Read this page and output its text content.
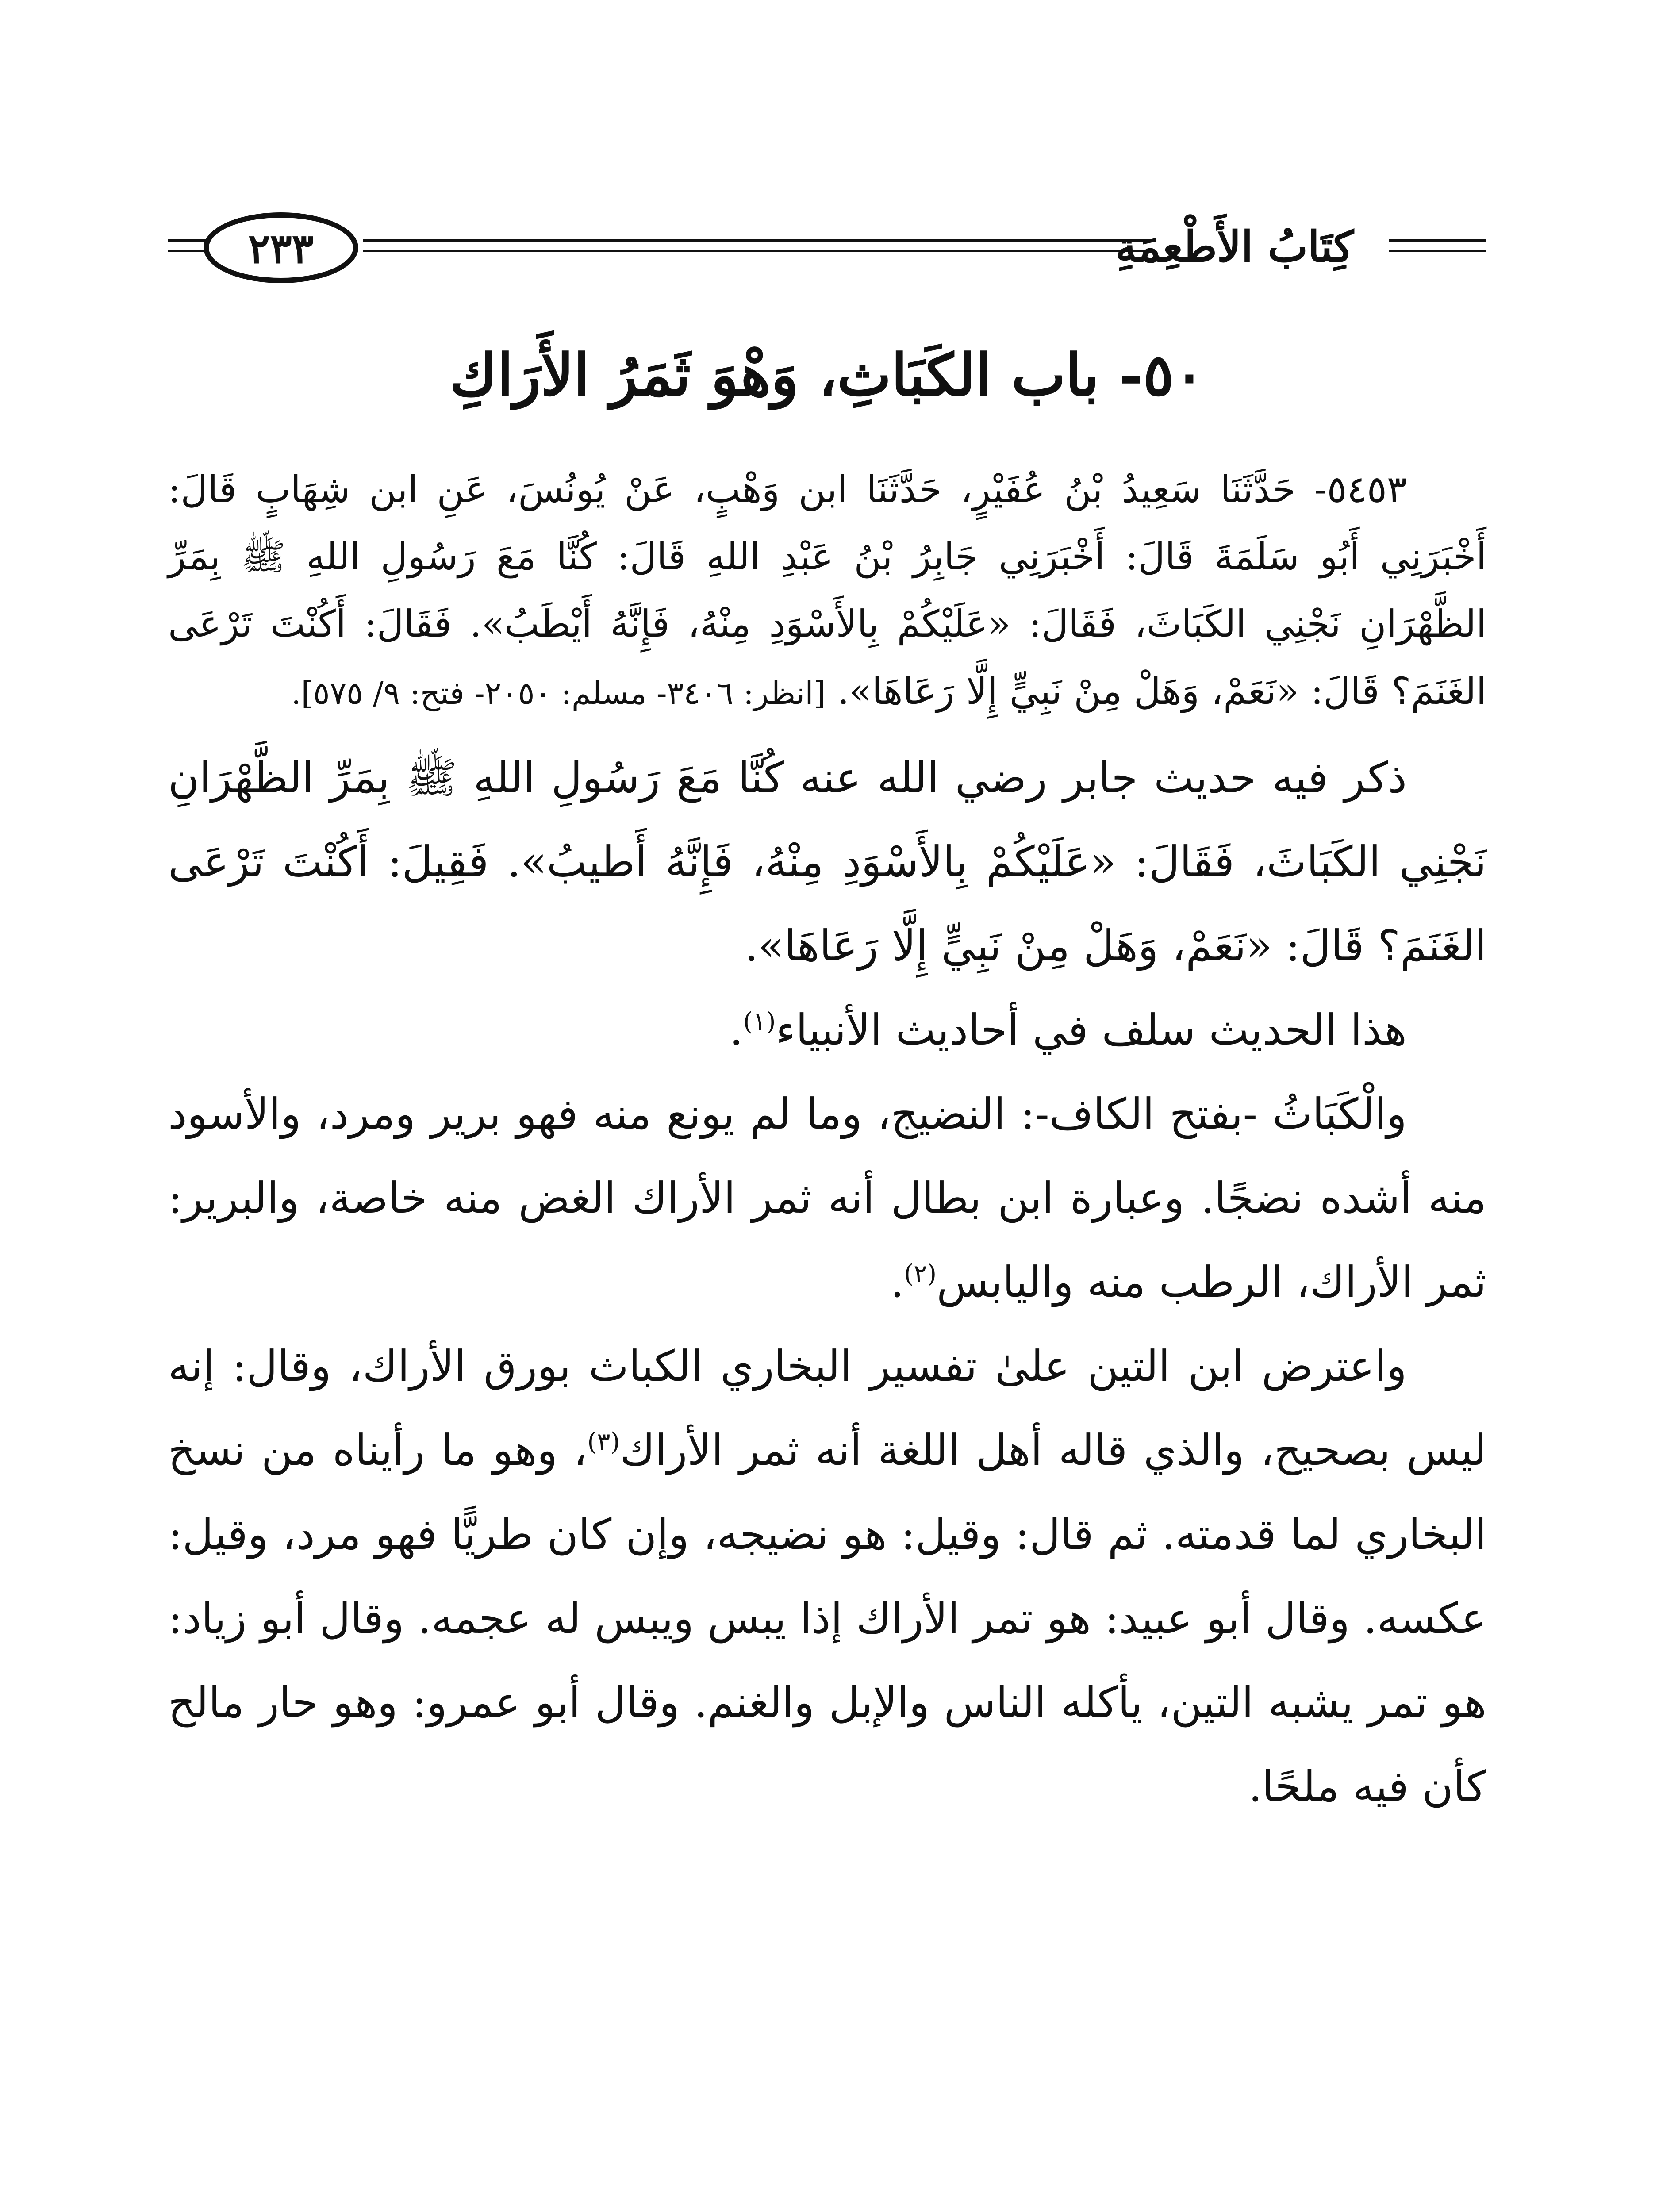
كِتَابُ الأَطْعِمَةِ
٢٣٣
٥٠- باب الكَبَاثِ، وَهْوَ ثَمَرُ الأَرَاكِ

٥٤٥٣- حَدَّثَنَا سَعِيدُ بْنُ عُفَيْرٍ، حَدَّثَنَا ابن وَهْبٍ، عَنْ يُونُسَ، عَنِ ابن شِهَابٍ قَالَ: أَخْبَرَنِي أَبُو سَلَمَةَ قَالَ: أَخْبَرَنِي جَابِرُ بْنُ عَبْدِ اللهِ قَالَ: كُنَّا مَعَ رَسُولِ اللهِ ﷺ بِمَرِّ الظَّهْرَانِ نَجْنِي الكَبَاثَ، فَقَالَ: «عَلَيْكُمْ بِالأَسْوَدِ مِنْهُ، فَإِنَّهُ أَيْطَبُ». فَقَالَ: أَكُنْتَ تَرْعَى الغَنَمَ؟ قَالَ: «نَعَمْ، وَهَلْ مِنْ نَبِيٍّ إِلَّا رَعَاهَا». [انظر: ٣٤٠٦- مسلم: ٢٠٥٠- فتح: ٩/ ٥٧٥].

ذكر فيه حديث جابر رضي الله عنه كُنَّا مَعَ رَسُولِ اللهِ ﷺ بِمَرِّ الظَّهْرَانِ نَجْنِي الكَبَاثَ، فَقَالَ: «عَلَيْكُمْ بِالأَسْوَدِ مِنْهُ، فَإِنَّهُ أَطيبُ». فَقِيلَ: أَكُنْتَ تَرْعَى الغَنَمَ؟ قَالَ: «نَعَمْ، وَهَلْ مِنْ نَبِيٍّ إِلَّا رَعَاهَا».

هذا الحديث سلف في أحاديث الأنبياء$^{(١)}$.

والْكَبَاثُ -بفتح الكاف-: النضيج، وما لم يونع منه فهو برير ومرد، والأسود منه أشده نضجًا. وعبارة ابن بطال أنه ثمر الأراك الغض منه خاصة، والبرير: ثمر الأراك، الرطب منه واليابس$^{(٢)}$.

واعترض ابن التين علىٰ تفسير البخاري الكباث بورق الأراك، وقال: إنه ليس بصحيح، والذي قاله أهل اللغة أنه ثمر الأراك$^{(٣)}$، وهو ما رأيناه من نسخ البخاري لما قدمته. ثم قال: وقيل: هو نضيجه، وإن كان طريًّا فهو مرد، وقيل: عكسه. وقال أبو عبيد: هو تمر الأراك إذا يبس ويبس له عجمه. وقال أبو زياد: هو تمر يشبه التين، يأكله الناس والإبل والغنم. وقال أبو عمرو: وهو حار مالح كأن فيه ملحًا.
